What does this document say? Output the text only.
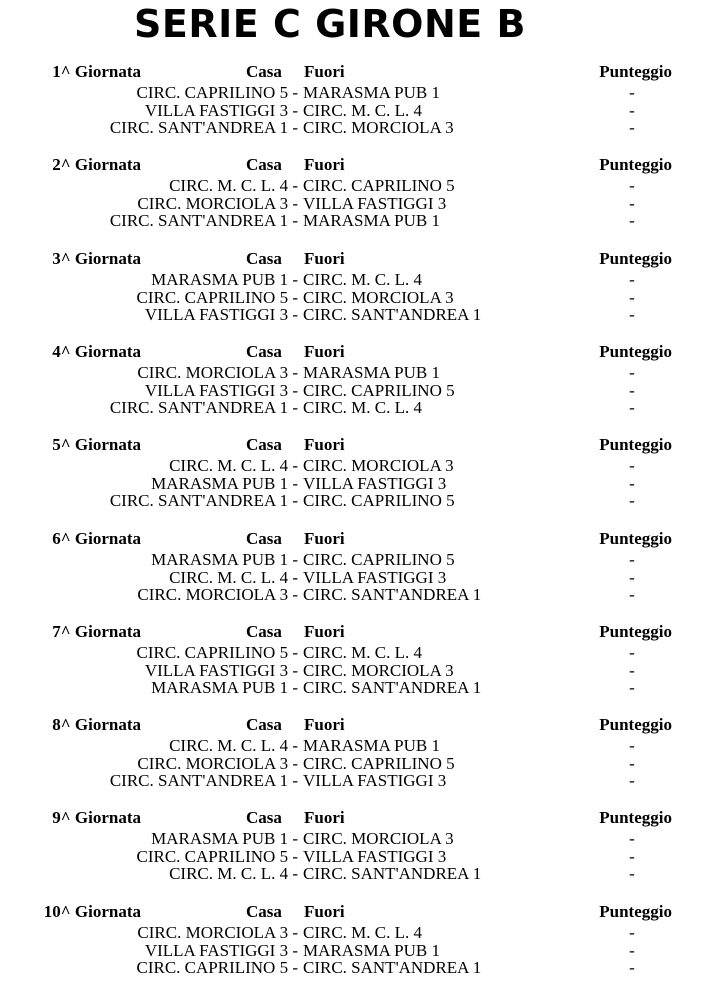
SERIE C GIRONE B
1^ Giornata	Casa Fuori	Punteggio
CIRC. CAPRILINO 5 - MARASMA PUB 1	-
VILLA FASTIGGI 3 - CIRC. M. C. L. 4	-
CIRC. SANT'ANDREA 1 - CIRC. MORCIOLA 3	-
2^ Giornata	Casa Fuori	Punteggio
CIRC. M. C. L. 4 - CIRC. CAPRILINO 5	-
CIRC. MORCIOLA 3 - VILLA FASTIGGI 3	-
CIRC. SANT'ANDREA 1 - MARASMA PUB 1	-
3^ Giornata	Casa Fuori	Punteggio
MARASMA PUB 1 - CIRC. M. C. L. 4	-
CIRC. CAPRILINO 5 - CIRC. MORCIOLA 3	-
VILLA FASTIGGI 3 - CIRC. SANT'ANDREA 1	-
4^ Giornata	Casa Fuori	Punteggio
CIRC. MORCIOLA 3 - MARASMA PUB 1	-
VILLA FASTIGGI 3 - CIRC. CAPRILINO 5	-
CIRC. SANT'ANDREA 1 - CIRC. M. C. L. 4	-
5^ Giornata	Casa Fuori	Punteggio
CIRC. M. C. L. 4 - CIRC. MORCIOLA 3	-
MARASMA PUB 1 - VILLA FASTIGGI 3	-
CIRC. SANT'ANDREA 1 - CIRC. CAPRILINO 5	-
6^ Giornata	Casa Fuori	Punteggio
MARASMA PUB 1 - CIRC. CAPRILINO 5	-
CIRC. M. C. L. 4 - VILLA FASTIGGI 3	-
CIRC. MORCIOLA 3 - CIRC. SANT'ANDREA 1	-
7^ Giornata	Casa Fuori	Punteggio
CIRC. CAPRILINO 5 - CIRC. M. C. L. 4	-
VILLA FASTIGGI 3 - CIRC. MORCIOLA 3	-
MARASMA PUB 1 - CIRC. SANT'ANDREA 1	-
8^ Giornata	Casa Fuori	Punteggio
CIRC. M. C. L. 4 - MARASMA PUB 1	-
CIRC. MORCIOLA 3 - CIRC. CAPRILINO 5	-
CIRC. SANT'ANDREA 1 - VILLA FASTIGGI 3	-
9^ Giornata	Casa Fuori	Punteggio
MARASMA PUB 1 - CIRC. MORCIOLA 3	-
CIRC. CAPRILINO 5 - VILLA FASTIGGI 3	-
CIRC. M. C. L. 4 - CIRC. SANT'ANDREA 1	-
10^ Giornata	Casa Fuori	Punteggio
CIRC. MORCIOLA 3 - CIRC. M. C. L. 4	-
VILLA FASTIGGI 3 - MARASMA PUB 1	-
CIRC. CAPRILINO 5 - CIRC. SANT'ANDREA 1	-
